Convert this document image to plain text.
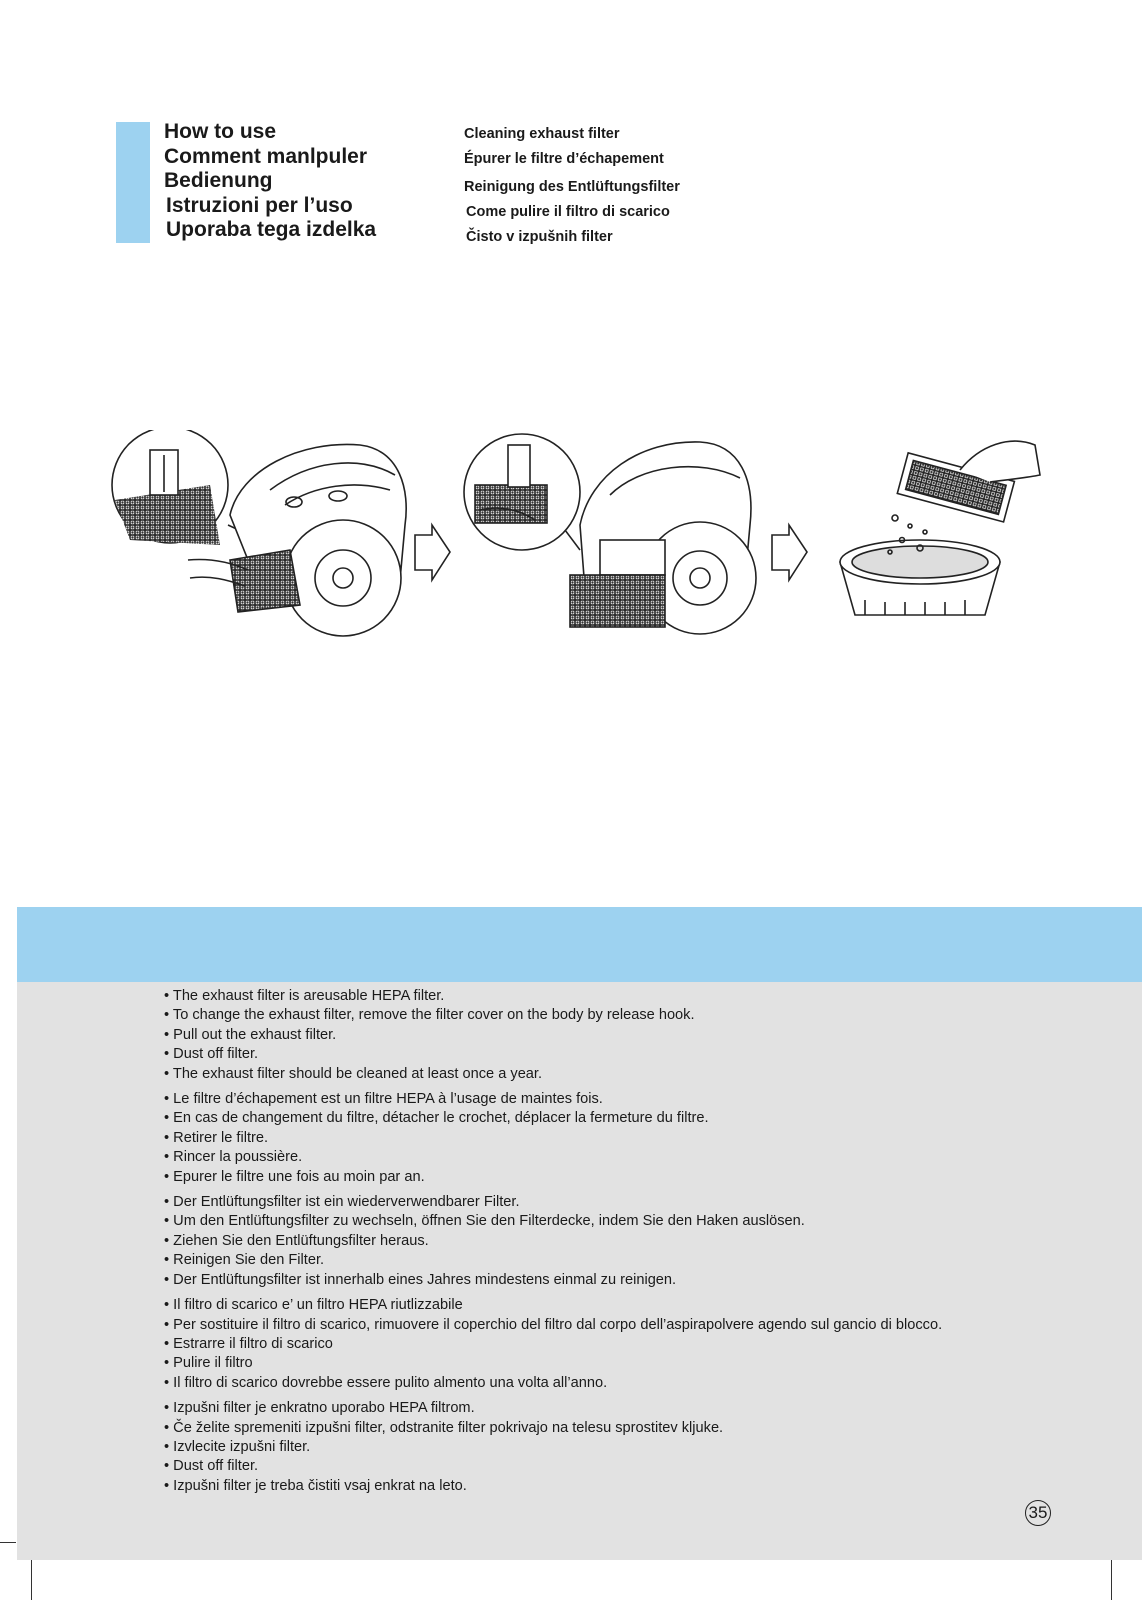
How to use
Comment manlpuler
Bedienung
Istruzioni per l’uso
Uporaba tega izdelka
Cleaning exhaust filter
Épurer le filtre d’échapement
Reinigung des Entlüftungsfilter
Come pulire il filtro di scarico
Čisto v izpušnih filter
• The exhaust filter is areusable HEPA filter.
• To change the exhaust filter, remove the filter cover on the body by release hook.
• Pull out the exhaust filter.
• Dust off filter.
• The exhaust filter should be cleaned at least once a year.
• Le filtre d’échapement est un filtre HEPA à l’usage de maintes fois.
• En cas de changement du filtre, détacher le crochet, déplacer la fermeture du filtre.
• Retirer le filtre.
• Rincer la poussière.
• Epurer le filtre une fois au moin par an.
• Der Entlüftungsfilter ist ein wiederverwendbarer Filter.
• Um den Entlüftungsfilter zu wechseln, öffnen Sie den Filterdecke, indem Sie den Haken auslösen.
• Ziehen Sie den Entlüftungsfilter heraus.
• Reinigen Sie den Filter.
• Der Entlüftungsfilter ist innerhalb eines Jahres mindestens einmal zu reinigen.
• Il filtro di scarico e’ un filtro HEPA riutlizzabile
• Per sostituire il filtro di scarico, rimuovere il coperchio del filtro dal corpo dell’aspirapolvere agendo sul gancio di blocco.
• Estrarre il filtro di scarico
• Pulire il filtro
• Il filtro di scarico dovrebbe essere pulito almento una volta all’anno.
• Izpušni filter je enkratno uporabo HEPA filtrom.
• Če želite spremeniti izpušni filter, odstranite filter pokrivajo na telesu sprostitev kljuke.
• Izvlecite izpušni filter.
• Dust off filter.
• Izpušni filter je treba čistiti vsaj enkrat na leto.
35
